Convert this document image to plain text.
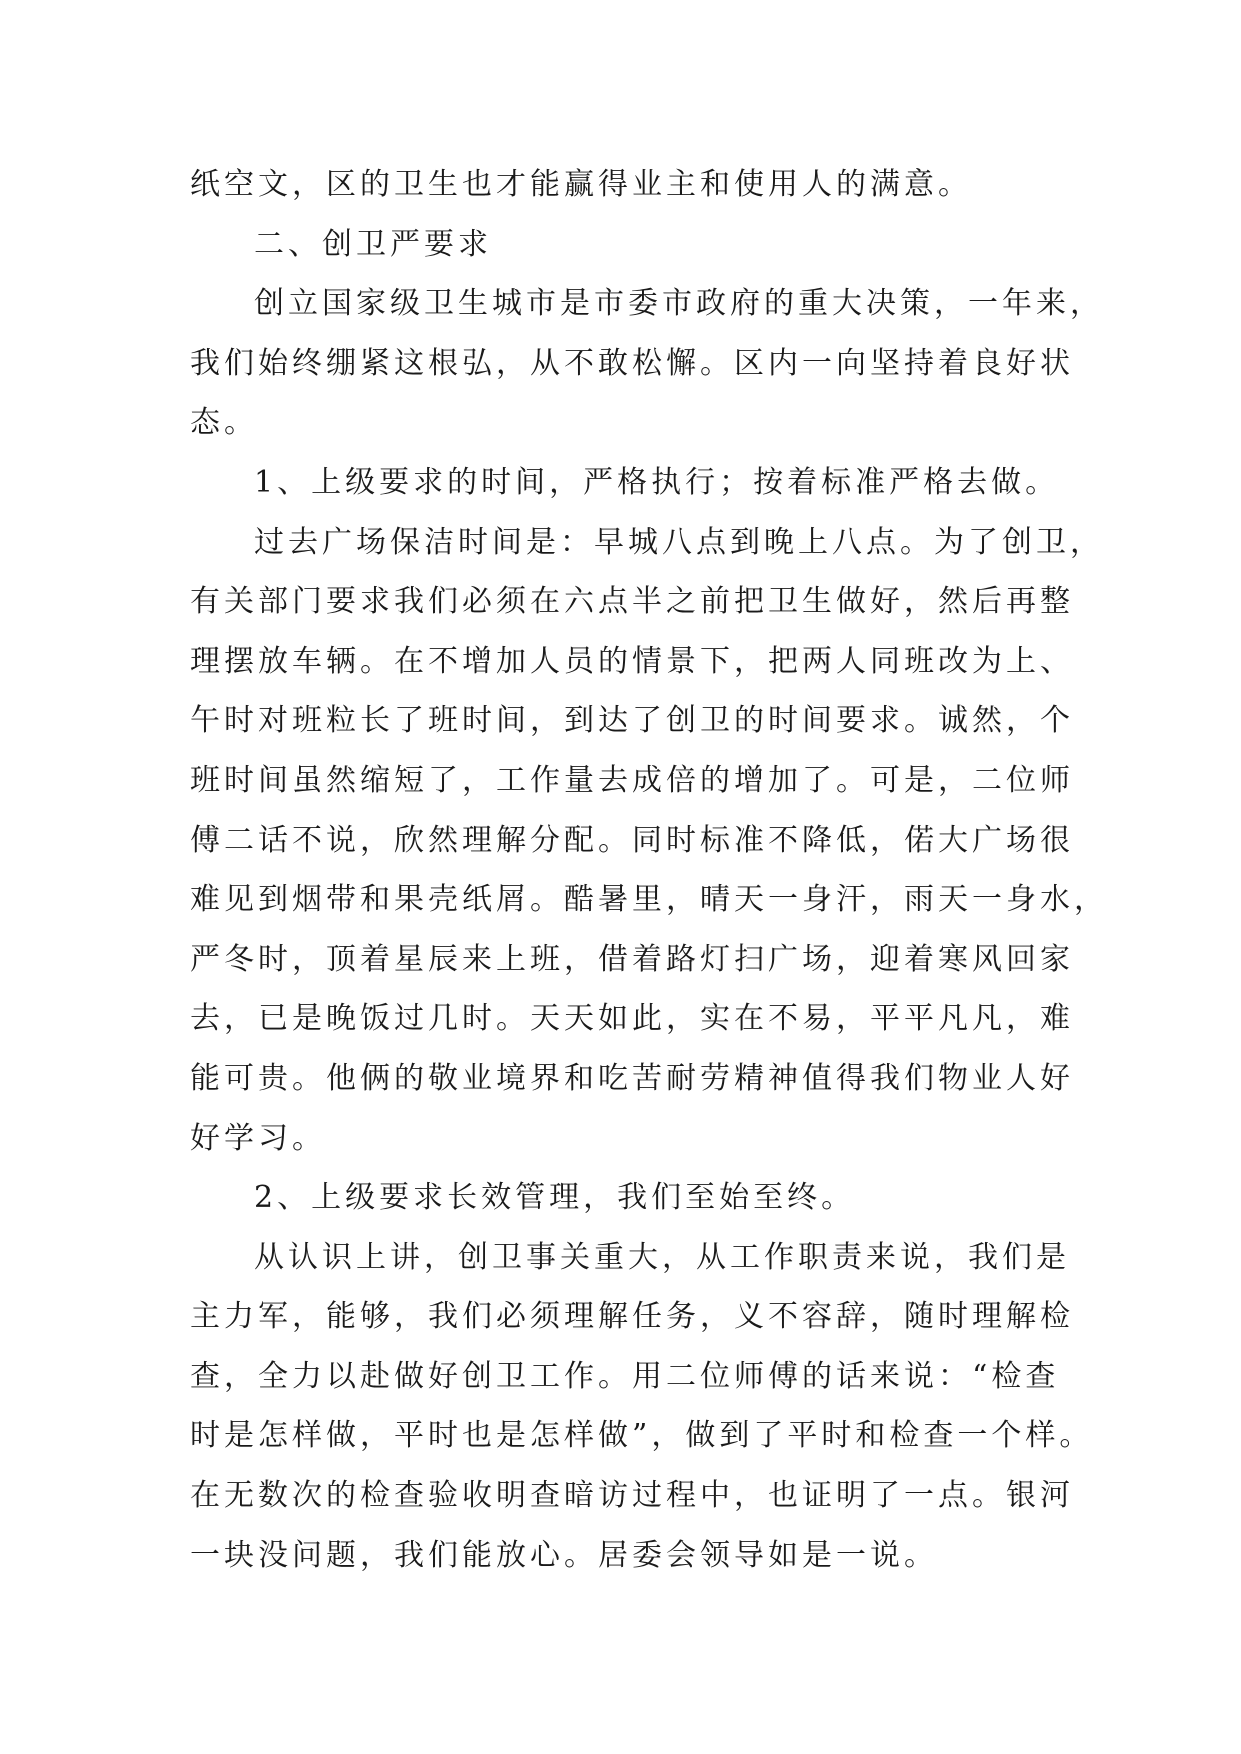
纸空文，区的卫生也才能赢得业主和使用人的满意。
二、创卫严要求
创立国家级卫生城市是市委市政府的重大决策，一年来，
我们始终绷紧这根弘，从不敢松懈。区内一向坚持着良好状
态。
1、上级要求的时间，严格执行；按着标准严格去做。
过去广场保洁时间是：早城八点到晚上八点。为了创卫，
有关部门要求我们必须在六点半之前把卫生做好，然后再整
理摆放车辆。在不增加人员的情景下，把两人同班改为上、
午时对班粒长了班时间，到达了创卫的时间要求。诚然，个
班时间虽然缩短了，工作量去成倍的增加了。可是，二位师
傅二话不说，欣然理解分配。同时标准不降低，偌大广场很
难见到烟带和果壳纸屑。酷暑里，晴天一身汗，雨天一身水，
严冬时，顶着星辰来上班，借着路灯扫广场，迎着寒风回家
去，已是晚饭过几时。天天如此，实在不易，平平凡凡，难
能可贵。他俩的敬业境界和吃苦耐劳精神值得我们物业人好
好学习。
2、上级要求长效管理，我们至始至终。
从认识上讲，创卫事关重大，从工作职责来说，我们是
主力军，能够，我们必须理解任务，义不容辞，随时理解检
查，全力以赴做好创卫工作。用二位师傅的话来说：“检查
时是怎样做，平时也是怎样做”，做到了平时和检查一个样。
在无数次的检查验收明查暗访过程中，也证明了一点。银河
一块没问题，我们能放心。居委会领导如是一说。
